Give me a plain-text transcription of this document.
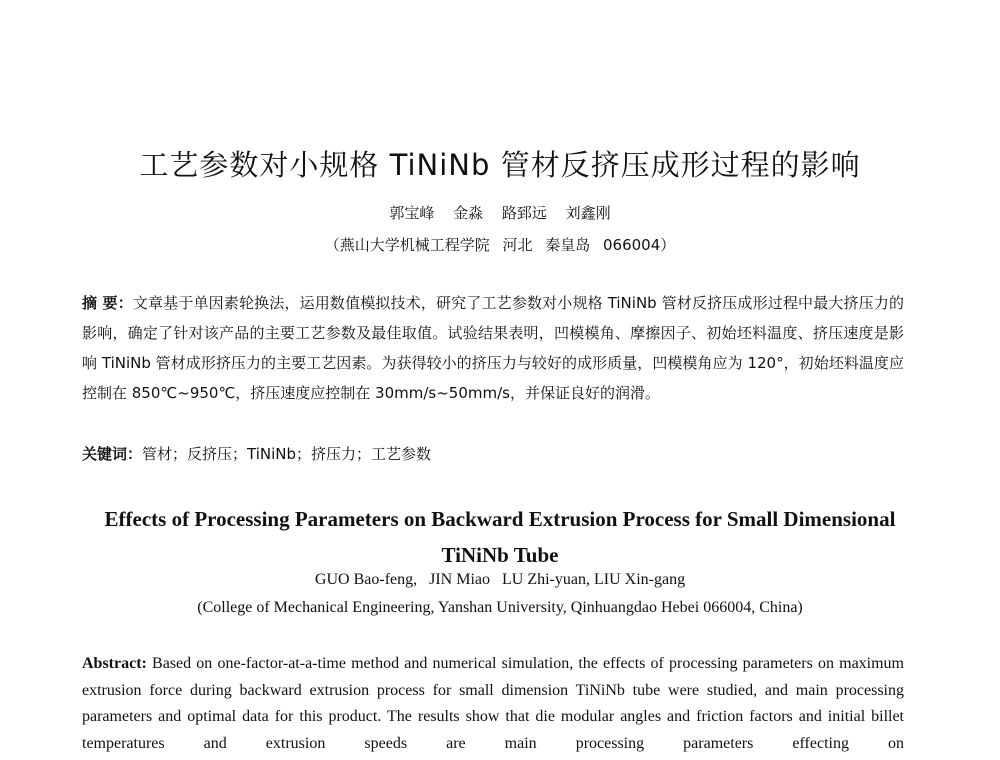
工艺参数对小规格 TiNiNb 管材反挤压成形过程的影响
郭宝峰 金淼 路郅远 刘鑫刚
（燕山大学机械工程学院 河北 秦皇岛 066004）
摘 要：文章基于单因素轮换法，运用数值模拟技术，研究了工艺参数对小规格 TiNiNb 管材反挤压成形过程中最大挤压力的影响，确定了针对该产品的主要工艺参数及最佳取值。试验结果表明，凹模模角、摩擦因子、初始坯料温度、挤压速度是影响 TiNiNb 管材成形挤压力的主要工艺因素。为获得较小的挤压力与较好的成形质量，凹模模角应为 120°，初始坯料温度应控制在 850℃~950℃，挤压速度应控制在 30mm/s~50mm/s，并保证良好的润滑。
关键词：管材；反挤压；TiNiNb；挤压力；工艺参数
Effects of Processing Parameters on Backward Extrusion Process for Small Dimensional TiNiNb Tube
GUO Bao-feng,   JIN Miao   LU Zhi-yuan, LIU Xin-gang
(College of Mechanical Engineering, Yanshan University, Qinhuangdao Hebei 066004, China)
Abstract: Based on one-factor-at-a-time method and numerical simulation, the effects of processing parameters on maximum extrusion force during backward extrusion process for small dimension TiNiNb tube were studied, and main processing parameters and optimal data for this product. The results show that die modular angles and friction factors and initial billet temperatures and extrusion speeds are main processing parameters effecting on
